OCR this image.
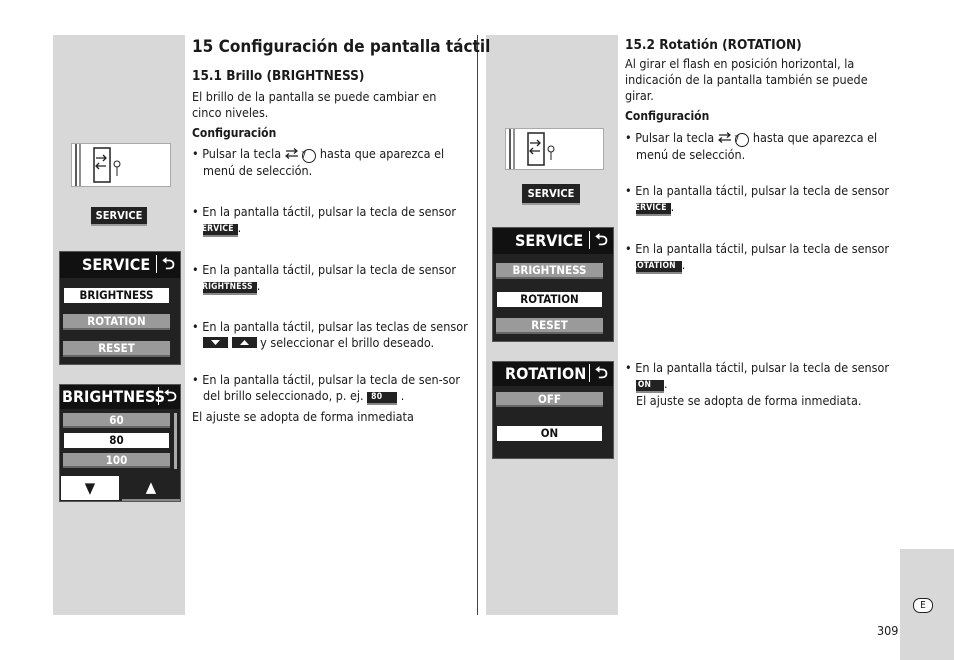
SERVICE
SERVICE ⮌
BRIGHTNESS
ROTATION
RESET
BRIGHTNESS ⮌
60
80
100
▼	▲
SERVICE
SERVICE ⮌
BRIGHTNESS
ROTATION
RESET
ROTATION ⮌
OFF
ON
15 Configuración de pantalla táctil
15.1 Brillo (BRIGHTNESS)
El brillo de la pantalla se puede cambiar en cinco niveles.
Configuración
• Pulsar la tecla 7 hasta que aparezca el menú de selección.
• En la pantalla táctil, pulsar la tecla de sensor SERVICE .
• En la pantalla táctil, pulsar la tecla de sensor BRIGHTNESS .
• En la pantalla táctil, pulsar las teclas de sensor

y seleccionar el brillo deseado.
• En la pantalla táctil, pulsar la tecla de sen-sor del brillo seleccionado, p. ej. 80 .
El ajuste se adopta de forma inmediata
15.2 Rotatión (ROTATION)
Al girar el flash en posición horizontal, la indicación de la pantalla también se puede girar.
Configuración
• Pulsar la tecla 7 hasta que aparezca el menú de selección.
• En la pantalla táctil, pulsar la tecla de sensor SERVICE .
• En la pantalla táctil, pulsar la tecla de sensor ROTATION .
• En la pantalla táctil, pulsar la tecla de sensor ON .
El ajuste se adopta de forma inmediata.
E
309
